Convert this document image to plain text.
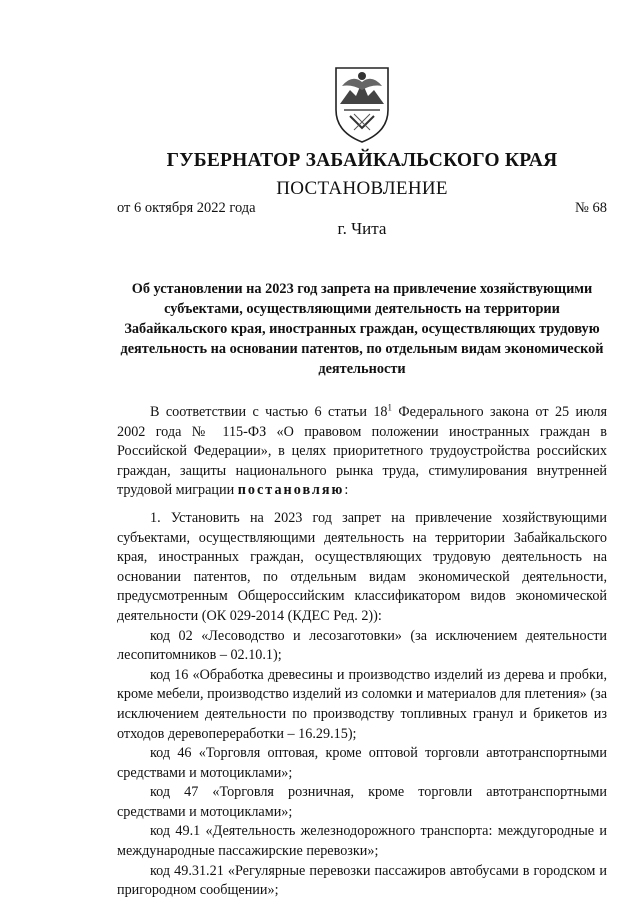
ГУБЕРНАТОР ЗАБАЙКАЛЬСКОГО КРАЯ
ПОСТАНОВЛЕНИЕ
от 6 октября 2022 года	№ 68
г. Чита
Об установлении на 2023 год запрета на привлечение хозяйствующими субъектами, осуществляющими деятельность на территории Забайкальского края, иностранных граждан, осуществляющих трудовую деятельность на основании патентов, по отдельным видам экономической деятельности

В соответствии с частью 6 статьи $18^1$ Федерального закона от 25 июля 2002 года № 115-ФЗ «О правовом положении иностранных граждан в Российской Федерации», в целях приоритетного трудоустройства российских граждан, защиты национального рынка труда, стимулирования внутренней трудовой миграции постановляю:

1. Установить на 2023 год запрет на привлечение хозяйствующими субъектами, осуществляющими деятельность на территории Забайкальского края, иностранных граждан, осуществляющих трудовую деятельность на основании патентов, по отдельным видам экономической деятельности, предусмотренным Общероссийским классификатором видов экономической деятельности (ОК 029-2014 (КДЕС Ред. 2)):

код 02 «Лесоводство и лесозаготовки» (за исключением деятельности лесопитомников – 02.10.1);

код 16 «Обработка древесины и производство изделий из дерева и пробки, кроме мебели, производство изделий из соломки и материалов для плетения» (за исключением деятельности по производству топливных гранул и брикетов из отходов деревопереработки – 16.29.15);

код 46 «Торговля оптовая, кроме оптовой торговли автотранспортными средствами и мотоциклами»;

код 47 «Торговля розничная, кроме торговли автотранспортными средствами и мотоциклами»;

код 49.1 «Деятельность железнодорожного транспорта: междугородные и международные пассажирские перевозки»;

код 49.31.21 «Регулярные перевозки пассажиров автобусами в городском и пригородном сообщении»;
